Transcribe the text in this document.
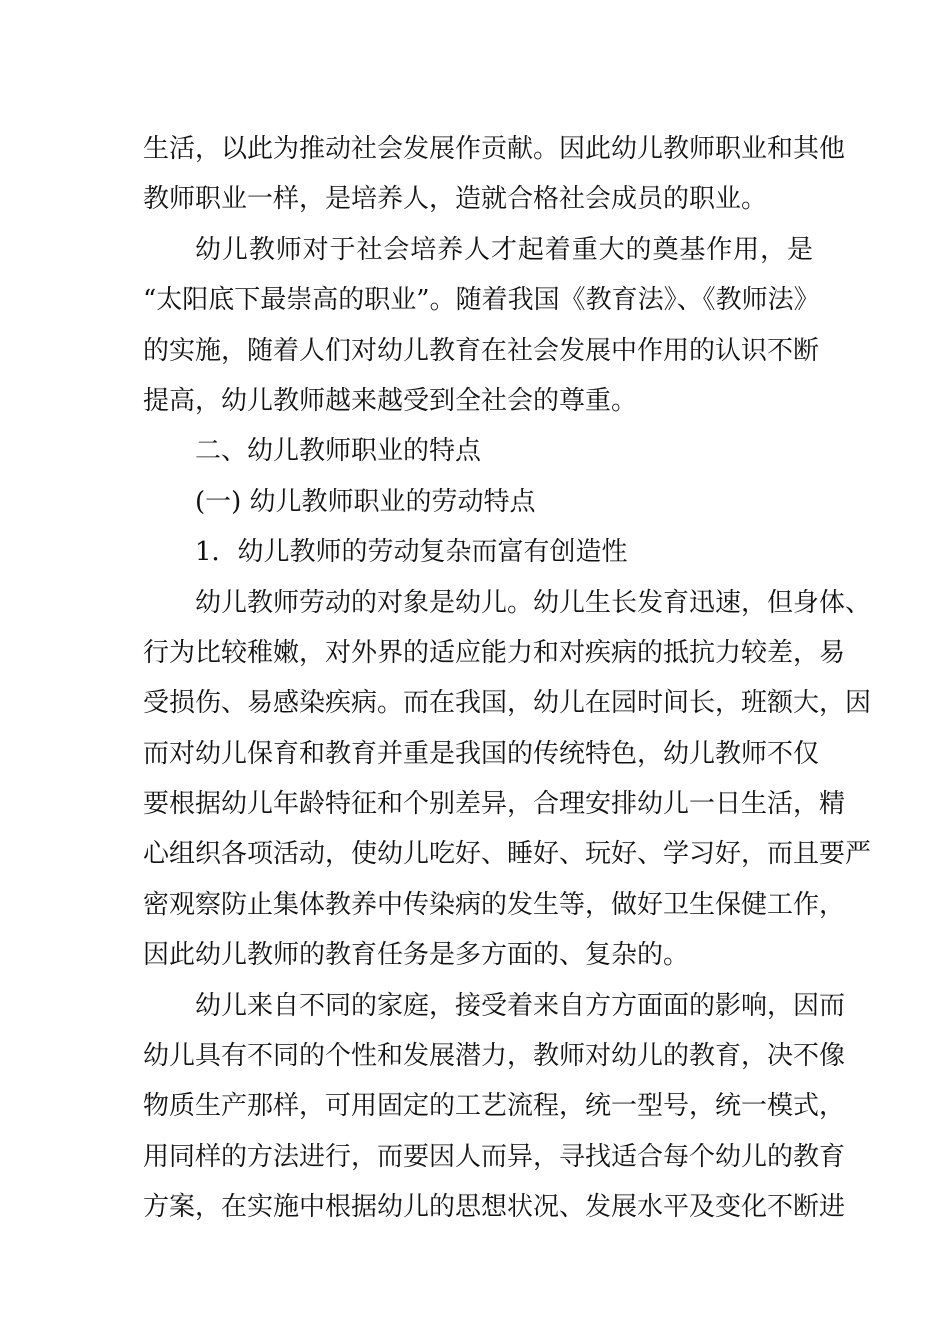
生活，以此为推动社会发展作贡献。因此幼儿教师职业和其他
教师职业一样，是培养人，造就合格社会成员的职业。
幼儿教师对于社会培养人才起着重大的奠基作用，是
“太阳底下最崇高的职业”。随着我国《教育法》、《教师法》
的实施，随着人们对幼儿教育在社会发展中作用的认识不断
提高，幼儿教师越来越受到全社会的尊重。
二、幼儿教师职业的特点
(一) 幼儿教师职业的劳动特点
1．幼儿教师的劳动复杂而富有创造性
幼儿教师劳动的对象是幼儿。幼儿生长发育迅速，但身体、
行为比较稚嫩，对外界的适应能力和对疾病的抵抗力较差，易
受损伤、易感染疾病。而在我国，幼儿在园时间长，班额大，因
而对幼儿保育和教育并重是我国的传统特色，幼儿教师不仅
要根据幼儿年龄特征和个别差异，合理安排幼儿一日生活，精
心组织各项活动，使幼儿吃好、睡好、玩好、学习好，而且要严
密观察防止集体教养中传染病的发生等，做好卫生保健工作，
因此幼儿教师的教育任务是多方面的、复杂的。
幼儿来自不同的家庭，接受着来自方方面面的影响，因而
幼儿具有不同的个性和发展潜力，教师对幼儿的教育，决不像
物质生产那样，可用固定的工艺流程，统一型号，统一模式，
用同样的方法进行，而要因人而异，寻找适合每个幼儿的教育
方案，在实施中根据幼儿的思想状况、发展水平及变化不断进
